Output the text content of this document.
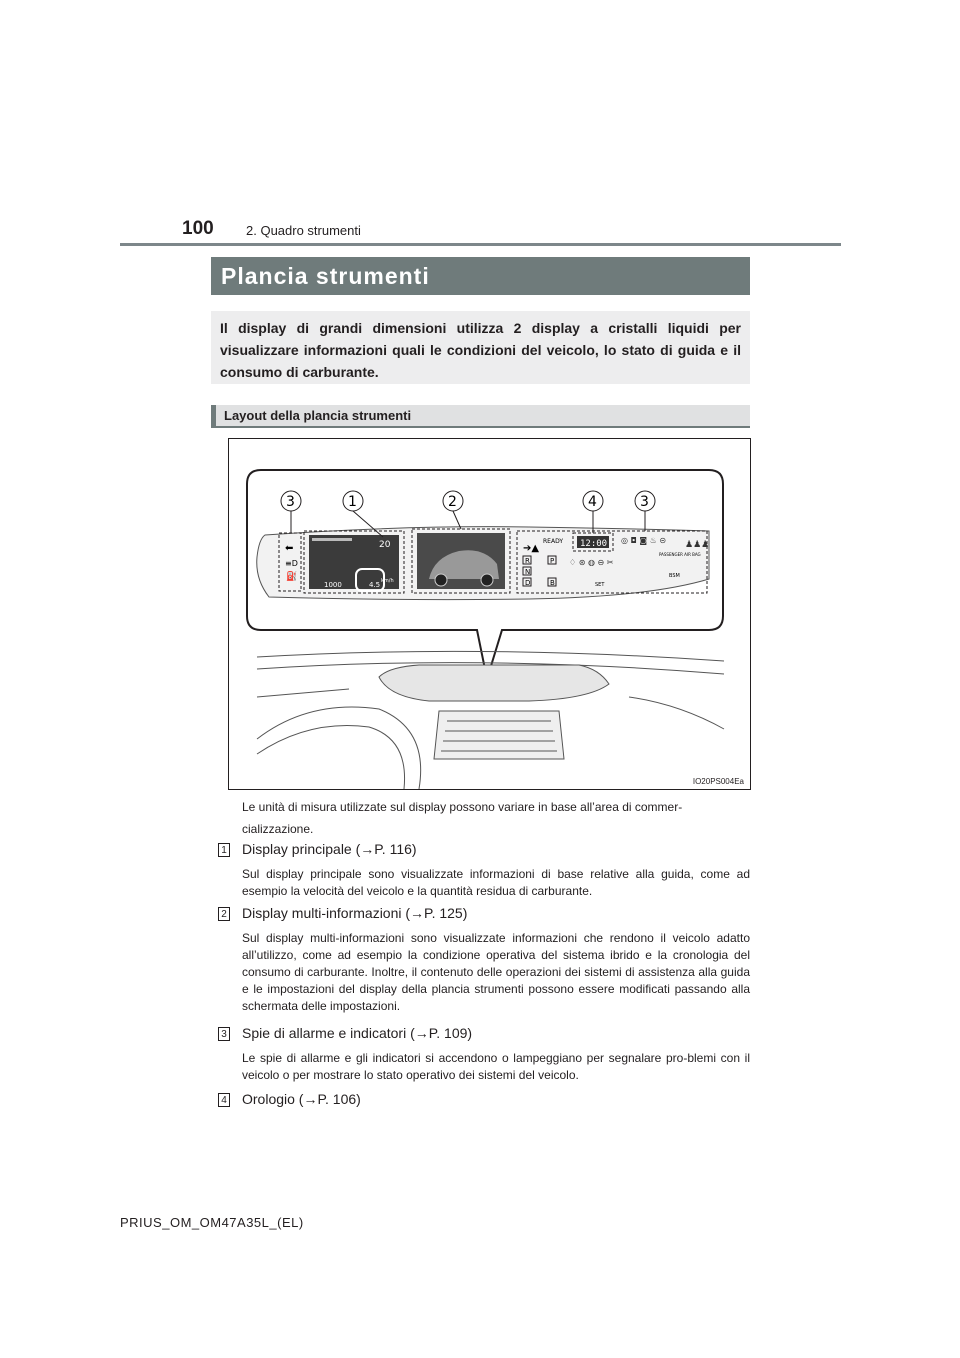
100 2. Quadro strumenti
Plancia strumenti
Il display di grandi dimensioni utilizza 2 display a cristalli liquidi per visualizzare informazioni quali le condizioni del veicolo, lo stato di guida e il consumo di carburante.
Layout della plancia strumenti
⬅
≡D
⛽
20
km/h
1000	4.5
12:00
READY
➔▲
R
N
D
P
B
PASSENGER AIR BAG
SET
BSM
◎ ◘ ◙ ♨ ⊝
♢ ⊛ ◍ ⊖ ✂
♟♟♟
3	1	2	4	3
IO20PS004Ea
Le unità di misura utilizzate sul display possono variare in base all’area di commer-cializzazione.
1 Display principale (→P. 116)
Sul display principale sono visualizzate informazioni di base relative alla guida, come ad esempio la velocità del veicolo e la quantità residua di carburante.
2 Display multi-informazioni (→P. 125)
Sul display multi-informazioni sono visualizzate informazioni che rendono il veicolo adatto all’utilizzo, come ad esempio la condizione operativa del sistema ibrido e la cronologia del consumo di carburante. Inoltre, il contenuto delle operazioni dei sistemi di assistenza alla guida e le impostazioni del display della plancia strumenti possono essere modificati passando alla schermata delle impostazioni.
3 Spie di allarme e indicatori (→P. 109)
Le spie di allarme e gli indicatori si accendono o lampeggiano per segnalare pro-blemi con il veicolo o per mostrare lo stato operativo dei sistemi del veicolo.
4 Orologio (→P. 106)
PRIUS_OM_OM47A35L_(EL)
